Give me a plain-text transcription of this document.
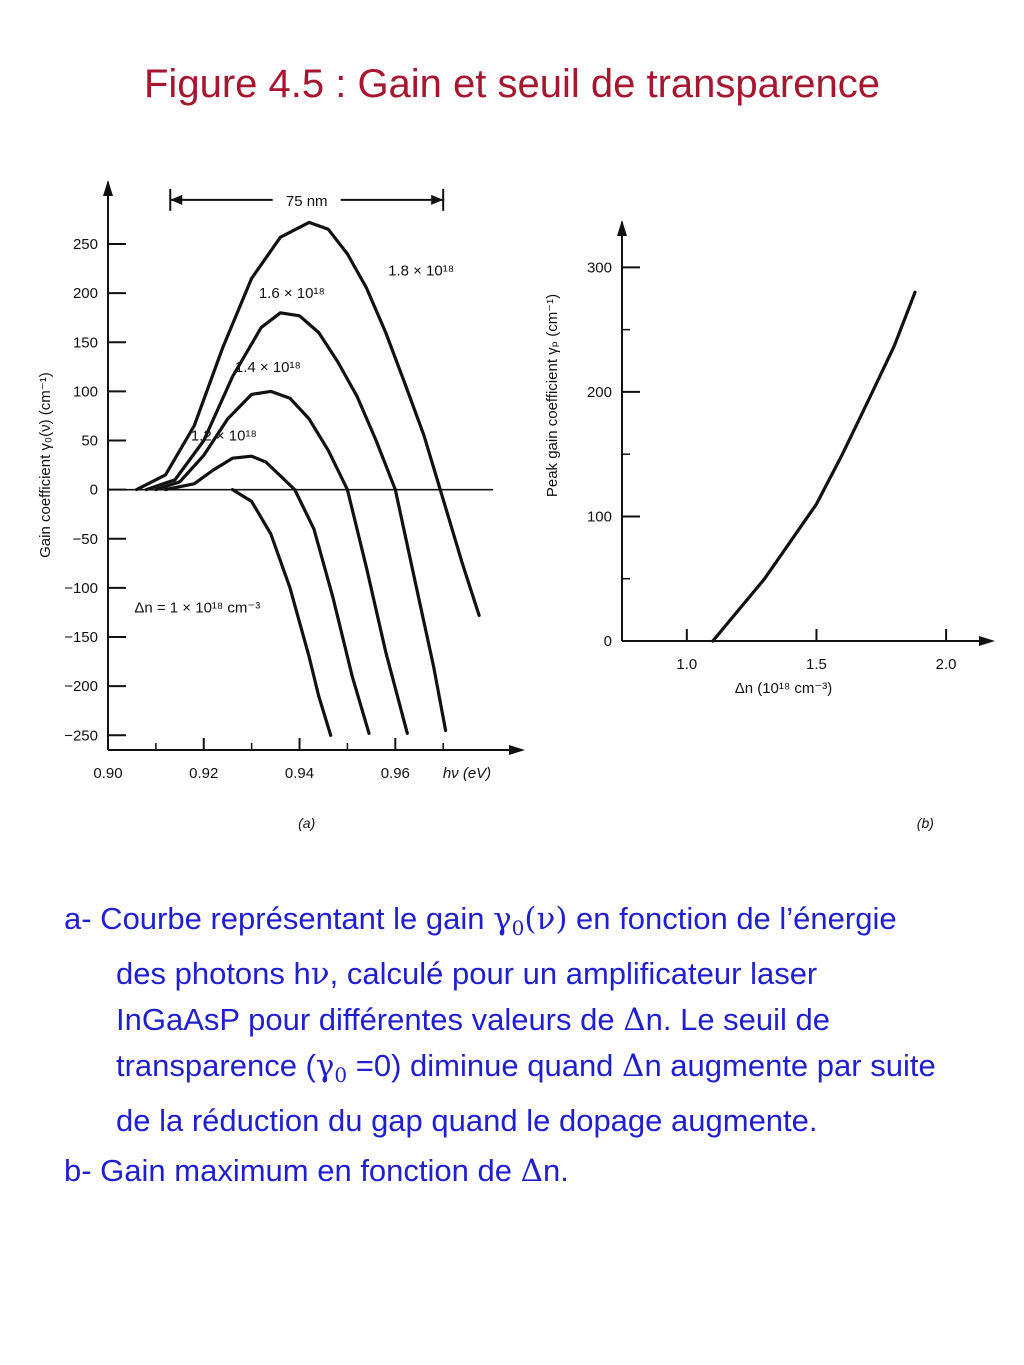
Figure 4.5 : Gain et seuil de transparence
250
200
150
100
50
0
−50
−100
−150
−200
−250
0.90	0.92	0.94	0.96 hν (eV)
Gain coefficient γ₀(ν) (cm⁻¹)
Δn = 1 × 10¹⁸ cm⁻³
1.2 × 10¹⁸
1.4 × 10¹⁸
1.6 × 10¹⁸
1.8 × 10¹⁸
75 nm
(a)
0
100
200
300
1.0	1.5	2.0
Δn (10¹⁸ cm⁻³)
Peak gain coefficient γₚ (cm⁻¹)
(b)

a- Courbe représentant le gain $\gamma_0(\nu)$ en fonction de l’énergie des photons hν, calculé pour un amplificateur laser InGaAsP pour différentes valeurs de Δn. Le seuil de transparence $(\gamma_0 =0)$ diminue quand Δn augmente par suite de la réduction du gap quand le dopage augmente.

b- Gain maximum en fonction de Δn.
